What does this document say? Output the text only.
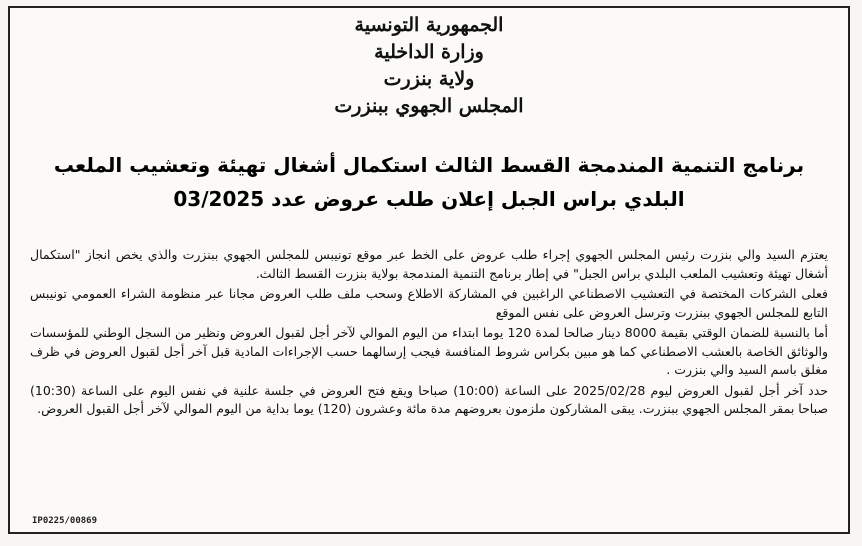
الجمهورية التونسية
وزارة الداخلية
ولاية بنزرت
المجلس الجهوي ببنزرت
برنامج التنمية المندمجة القسط الثالث استكمال أشغال تهيئة وتعشيب الملعب البلدي براس الجبل إعلان طلب عروض عدد 03/2025

يعتزم السيد والي بنزرت رئيس المجلس الجهوي إجراء طلب عروض على الخط عبر موقع تونيبس للمجلس الجهوي ببنزرت والذي يخص انجاز "استكمال أشغال تهيئة وتعشيب الملعب البلدي براس الجبل" في إطار برنامج التنمية المندمجة بولاية بنزرت القسط الثالث.

فعلى الشركات المختصة في التعشيب الاصطناعي الراغبين في المشاركة الاطلاع وسحب ملف طلب العروض مجانا عبر منظومة الشراء العمومي تونيبس التابع للمجلس الجهوي ببنزرت وترسل العروض على نفس الموقع

أما بالنسبة للضمان الوقتي بقيمة 8000 دينار صالحا لمدة 120 يوما ابتداء من اليوم الموالي لآخر أجل لقبول العروض ونظير من السجل الوطني للمؤسسات والوثائق الخاصة بالعشب الاصطناعي كما هو مبين بكراس شروط المنافسة فيجب إرسالهما حسب الإجراءات المادية قبل آخر أجل لقبول العروض في ظرف مغلق باسم السيد والي بنزرت .

حدد آخر أجل لقبول العروض ليوم 2025/02/28 على الساعة (10:00) صباحا ويقع فتح العروض في جلسة علنية في نفس اليوم على الساعة (10:30) صباحا بمقر المجلس الجهوي ببنزرت. يبقى المشاركون ملزمون بعروضهم مدة مائة وعشرون (120) يوما بداية من اليوم الموالي لآخر أجل القبول العروض.

IP0225/00869
